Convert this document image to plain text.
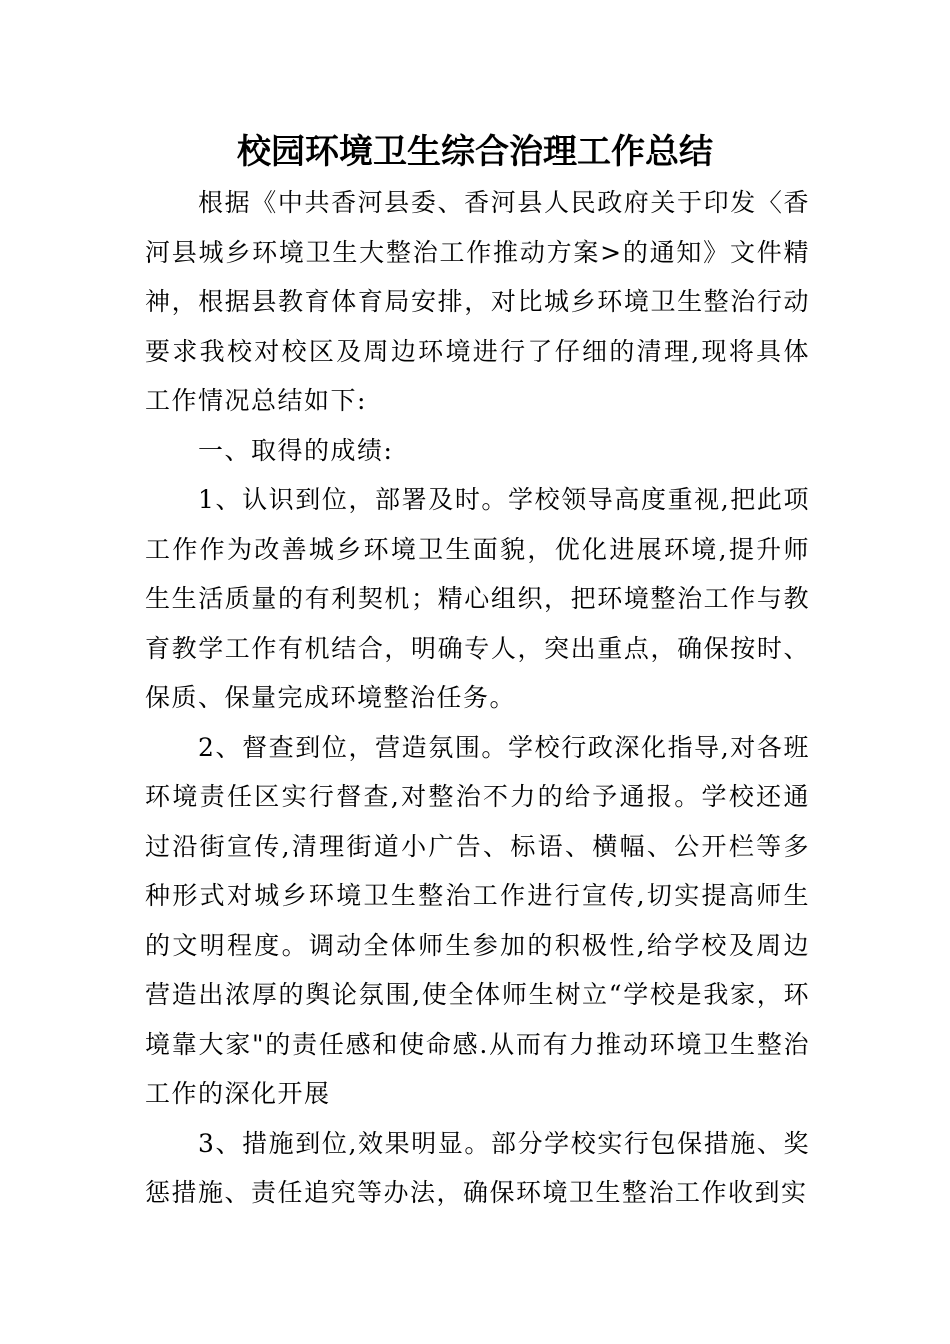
校园环境卫生综合治理工作总结

根据《中共香河县委、香河县人民政府关于印发〈香河县城乡环境卫生大整治工作推动方案>的通知》文件精神，根据县教育体育局安排，对比城乡环境卫生整治行动要求我校对校区及周边环境进行了仔细的清理,现将具体工作情况总结如下:

一、取得的成绩:

1、认识到位，部署及时。学校领导高度重视,把此项工作作为改善城乡环境卫生面貌，优化进展环境,提升师生生活质量的有利契机；精心组织，把环境整治工作与教育教学工作有机结合，明确专人，突出重点，确保按时、保质、保量完成环境整治任务。

2、督查到位，营造氛围。学校行政深化指导,对各班环境责任区实行督查,对整治不力的给予通报。学校还通过沿街宣传,清理街道小广告、标语、横幅、公开栏等多种形式对城乡环境卫生整治工作进行宣传,切实提高师生的文明程度。调动全体师生参加的积极性,给学校及周边营造出浓厚的舆论氛围,使全体师生树立“学校是我家，环境靠大家"的责任感和使命感.从而有力推动环境卫生整治工作的深化开展

3、措施到位,效果明显。部分学校实行包保措施、奖惩措施、责任追究等办法，确保环境卫生整治工作收到实
